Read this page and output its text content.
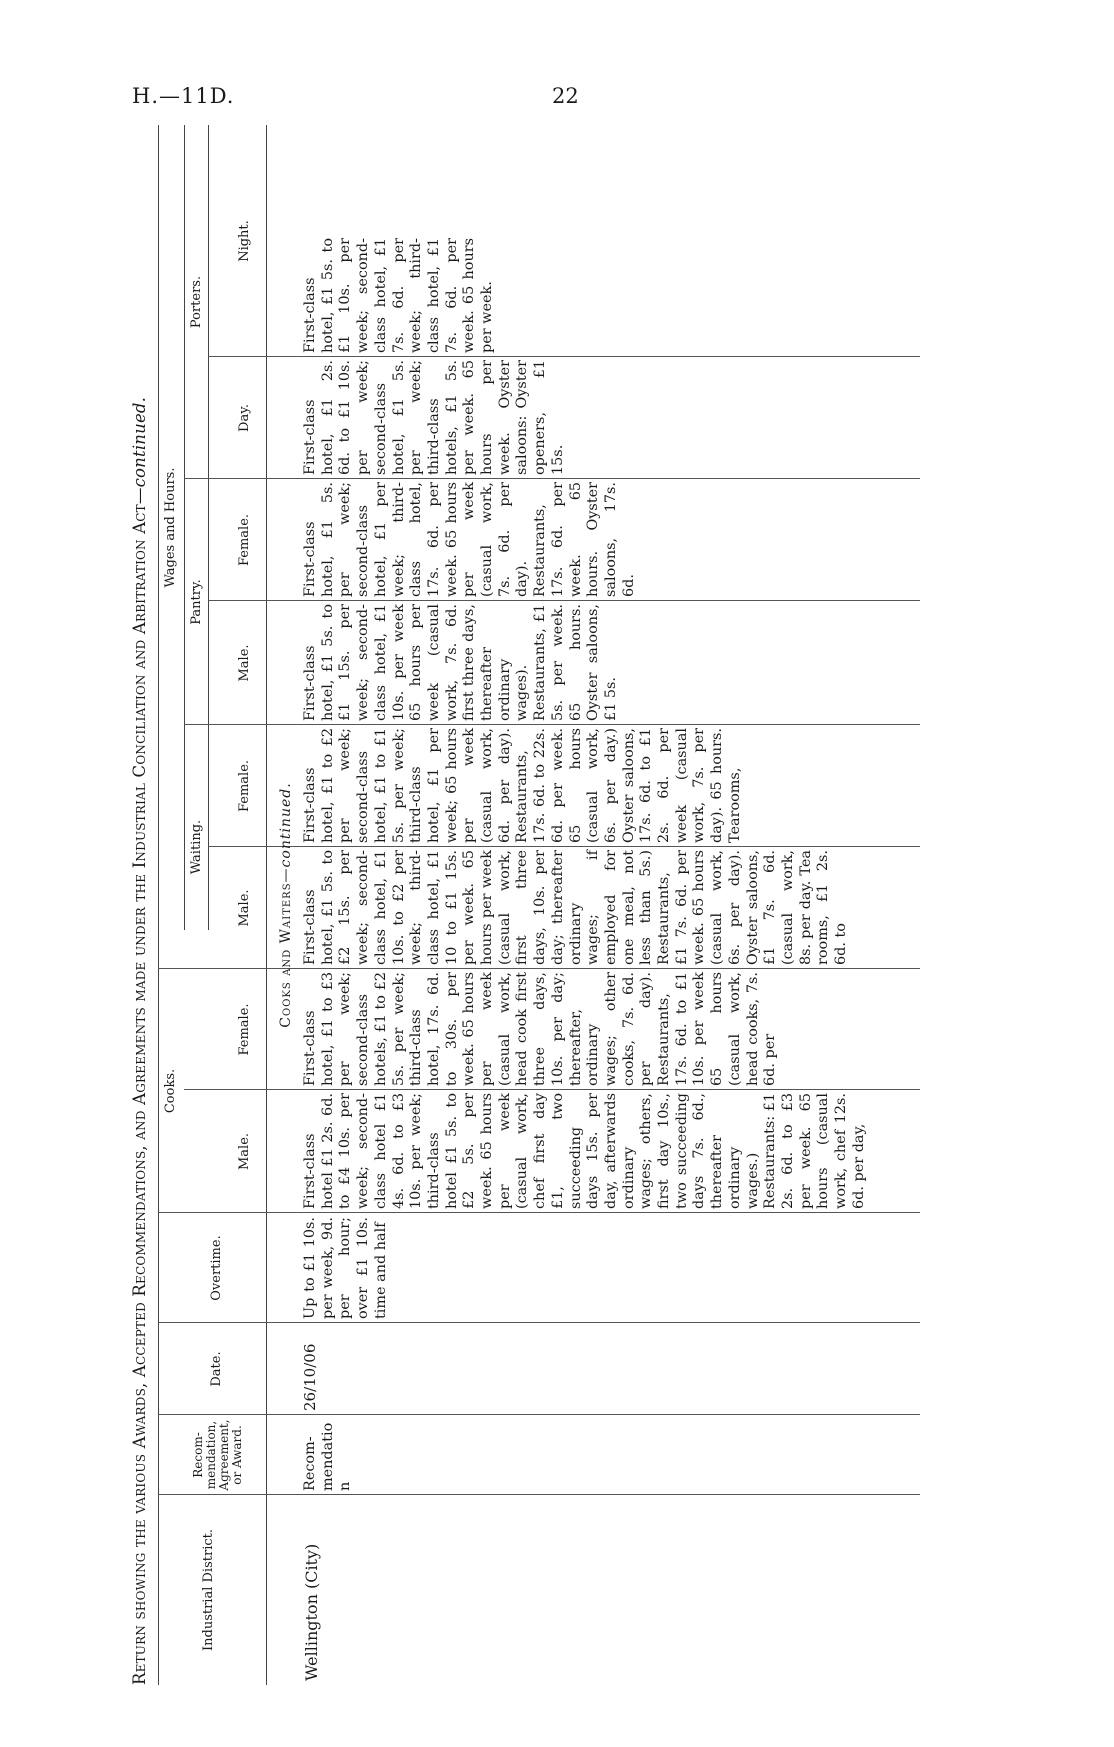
H.—11D.	22
Return showing the various Awards, Accepted Recommendations, and Agreements made under the Industrial Conciliation and Arbitration Act—continued.
Industrial District.
Recommendation, Agreement, or Award.
Date.
Overtime.
Wages and Hours.
Cooks.
Male.
Female.
Waiting.
Male.
Female.
Pantry.
Male.
Female.
Porters.
Day.
Night.
Cooks and Waiters—continued.
Wellington (City)
Recommendation
26/10/06
Up to £1 10s. per week, 9d. per hour; over £1 10s. time and half
First-class hotel £1 2s. 6d. to £4 10s. per week; second-class hotel £1 4s. 6d. to £3 10s. per week; third-class hotel £1 5s. to £2 5s. per week. 65 hours per week (casual work, chef first day £1, two succeeding days 15s. per day, afterwards ordinary wages; others, first day 10s., two succeeding days 7s. 6d., thereafter ordinary wages.) Restaurants: £1 2s. 6d. to £3 per week. 65 hours (casual work, chef 12s. 6d. per day,
First-class hotel, £1 to £3 per week; second-class hotels, £1 to £2 5s. per week; third-class hotel, 17s. 6d. to 30s. per week. 65 hours per week (casual work, head cook first three days, 10s. per day; thereafter, ordinary wages; other cooks, 7s. 6d. per day). Restaurants, 17s. 6d. to £1 10s. per week 65 hours (casual work, head cooks, 7s. 6d. per
First-class hotel, £1 5s. to £2 15s. per week; second-class hotel, £1 10s. to £2 per week; third-class hotel, £1 10 to £1 15s. per week. 65 hours per week (casual work, first three days, 10s. per day; thereafter ordinary wages; if employed for one meal, not less than 5s.) Restaurants, £1 7s. 6d. per week. 65 hours (casual work, 6s. per day). Oyster saloons, £1 7s. 6d. (casual work, 8s. per day. Tea rooms, £1 2s. 6d. to
First-class hotel, £1 to £2 per week; second-class hotel, £1 to £1 5s. per week; third-class hotel, £1 per week; 65 hours per week (casual work, 6d. per day). Restaurants, 17s. 6d. to 22s. 6d. per week. 65 hours (casual work, 6s. per day.) Oyster saloons, 17s. 6d. to £1 2s. 6d. per week (casual work, 7s. per day). 65 hours. Tearooms,
First-class hotel, £1 5s. to £1 15s. per week; second-class hotel, £1 10s. per week 65 hours per week (casual work, 7s. 6d. first three days, thereafter ordinary wages). Restaurants, £1 5s. per week. 65 hours. Oyster saloons, £1 5s.
First-class hotel, £1 5s. per week; second-class hotel, £1 per week; third-class hotel, 17s. 6d. per week. 65 hours per week (casual work, 7s. 6d. per day). Restaurants, 17s. 6d. per week. 65 hours. Oyster saloons, 17s. 6d.
First-class hotel, £1 2s. 6d. to £1 10s. per week; second-class hotel, £1 5s. per week; third-class hotels, £1 5s. per week. 65 hours per week. Oyster saloons: Oyster openers, £1 15s.
First-class hotel, £1 5s. to £1 10s. per week; second-class hotel, £1 7s. 6d. per week; third-class hotel, £1 7s. 6d. per week. 65 hours per week.
